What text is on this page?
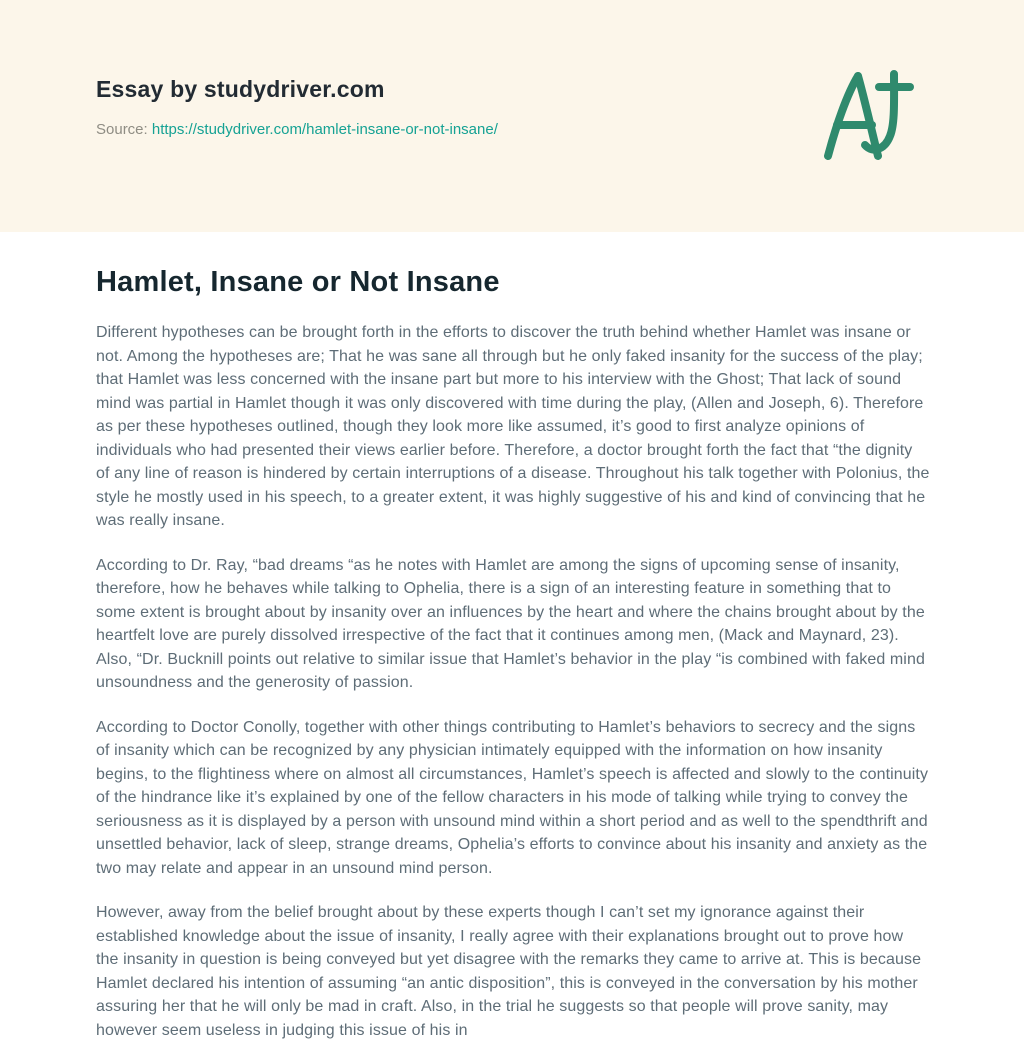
Essay by studydriver.com

Source: https://studydriver.com/hamlet-insane-or-not-insane/

Hamlet, Insane or Not Insane

Different hypotheses can be brought forth in the efforts to discover the truth behind whether Hamlet was insane or not. Among the hypotheses are; That he was sane all through but he only faked insanity for the success of the play; that Hamlet was less concerned with the insane part but more to his interview with the Ghost; That lack of sound mind was partial in Hamlet though it was only discovered with time during the play, (Allen and Joseph, 6). Therefore as per these hypotheses outlined, though they look more like assumed, it’s good to first analyze opinions of individuals who had presented their views earlier before. Therefore, a doctor brought forth the fact that “the dignity of any line of reason is hindered by certain interruptions of a disease. Throughout his talk together with Polonius, the style he mostly used in his speech, to a greater extent, it was highly suggestive of his and kind of convincing that he was really insane.

According to Dr. Ray, “bad dreams “as he notes with Hamlet are among the signs of upcoming sense of insanity, therefore, how he behaves while talking to Ophelia, there is a sign of an interesting feature in something that to some extent is brought about by insanity over an influences by the heart and where the chains brought about by the heartfelt love are purely dissolved irrespective of the fact that it continues among men, (Mack and Maynard, 23). Also, “Dr. Bucknill points out relative to similar issue that Hamlet’s behavior in the play “is combined with faked mind unsoundness and the generosity of passion.

According to Doctor Conolly, together with other things contributing to Hamlet’s behaviors to secrecy and the signs of insanity which can be recognized by any physician intimately equipped with the information on how insanity begins, to the flightiness where on almost all circumstances, Hamlet’s speech is affected and slowly to the continuity of the hindrance like it’s explained by one of the fellow characters in his mode of talking while trying to convey the seriousness as it is displayed by a person with unsound mind within a short period and as well to the spendthrift and unsettled behavior, lack of sleep, strange dreams, Ophelia’s efforts to convince about his insanity and anxiety as the two may relate and appear in an unsound mind person.

However, away from the belief brought about by these experts though I can’t set my ignorance against their established knowledge about the issue of insanity, I really agree with their explanations brought out to prove how the insanity in question is being conveyed but yet disagree with the remarks they came to arrive at. This is because Hamlet declared his intention of assuming “an antic disposition”, this is conveyed in the conversation by his mother assuring her that he will only be mad in craft. Also, in the trial he suggests so that people will prove sanity, may however seem useless in judging this issue of his in
